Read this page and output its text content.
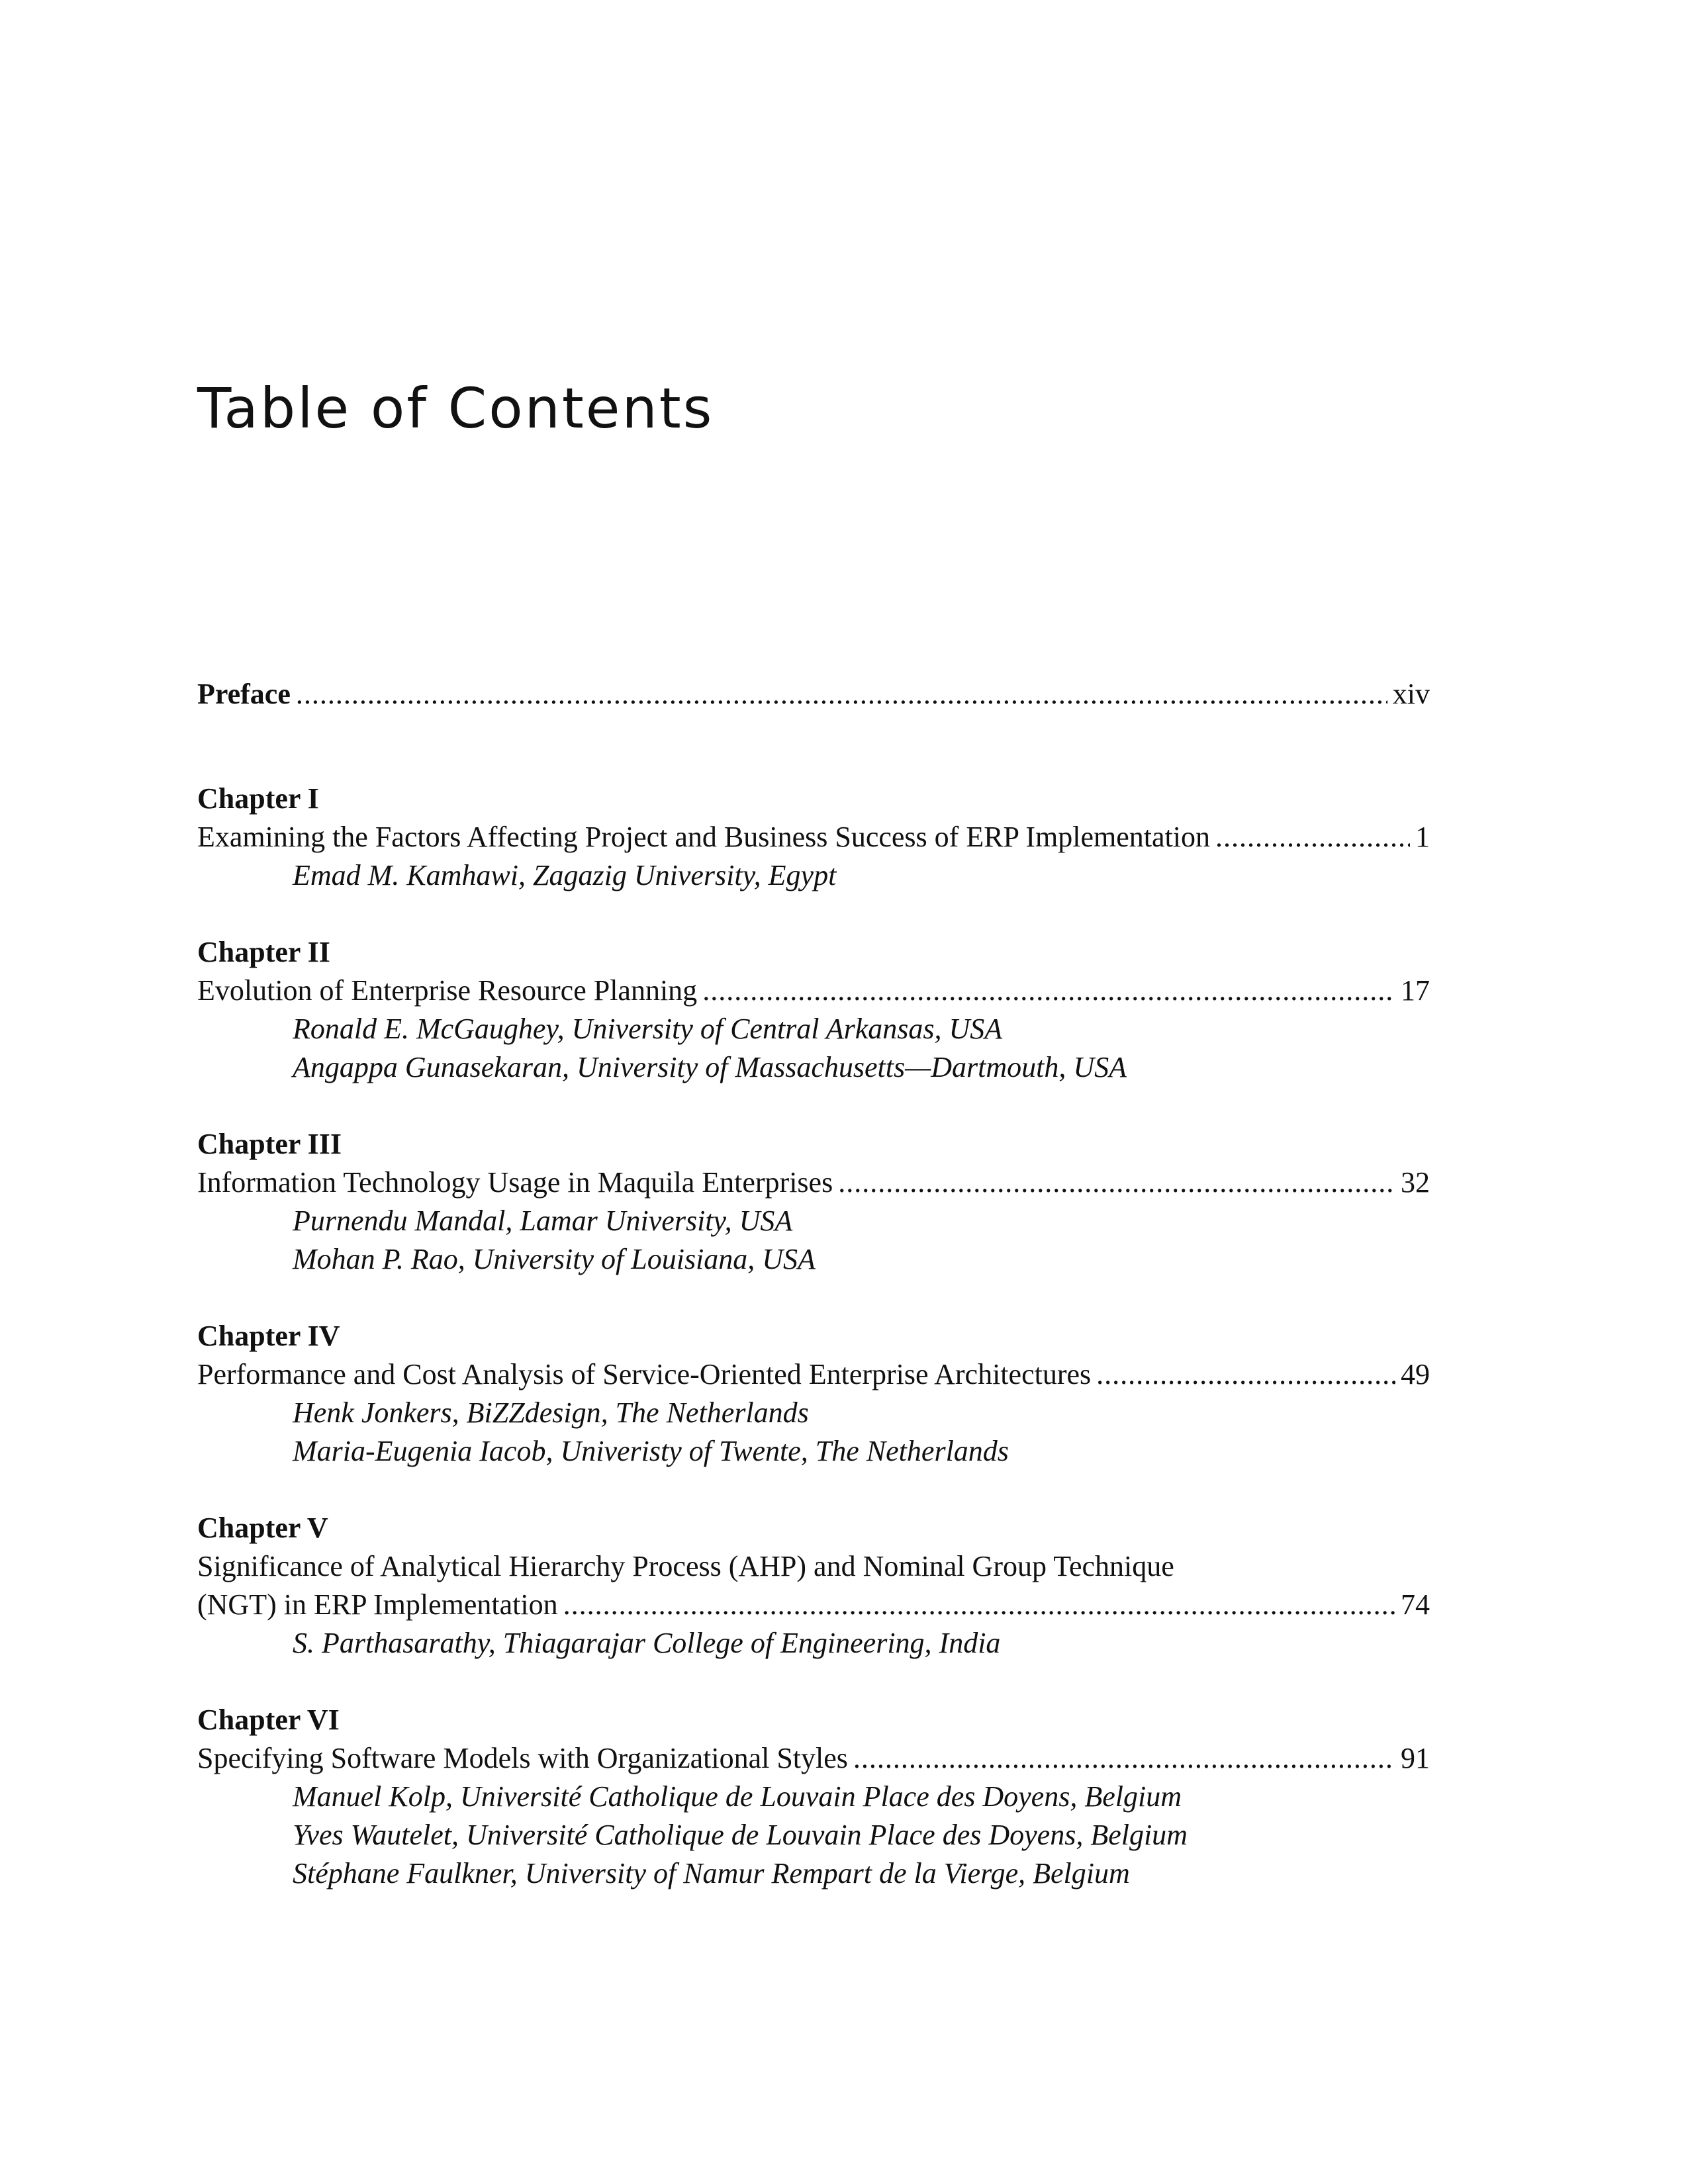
Table of Contents
Preface . . .	xiv
Chapter I
Examining the Factors Affecting Project and Business Success of ERP Implementation . . .	1
Emad M. Kamhawi, Zagazig University, Egypt
Chapter II
Evolution of Enterprise Resource Planning . . .	17
Ronald E. McGaughey, University of Central Arkansas, USA
Angappa Gunasekaran, University of Massachusetts—Dartmouth, USA
Chapter III
Information Technology Usage in Maquila Enterprises . . .	32
Purnendu Mandal, Lamar University, USA
Mohan P. Rao, University of Louisiana, USA
Chapter IV
Performance and Cost Analysis of Service-Oriented Enterprise Architectures . . .	49
Henk Jonkers, BiZZdesign, The Netherlands
Maria-Eugenia Iacob, Univeristy of Twente, The Netherlands
Chapter V
Significance of Analytical Hierarchy Process (AHP) and Nominal Group Technique
(NGT) in ERP Implementation . . .	74
S. Parthasarathy, Thiagarajar College of Engineering, India
Chapter VI
Specifying Software Models with Organizational Styles . . .	91
Manuel Kolp, Université Catholique de Louvain Place des Doyens, Belgium
Yves Wautelet, Université Catholique de Louvain Place des Doyens, Belgium
Stéphane Faulkner, University of Namur Rempart de la Vierge, Belgium
